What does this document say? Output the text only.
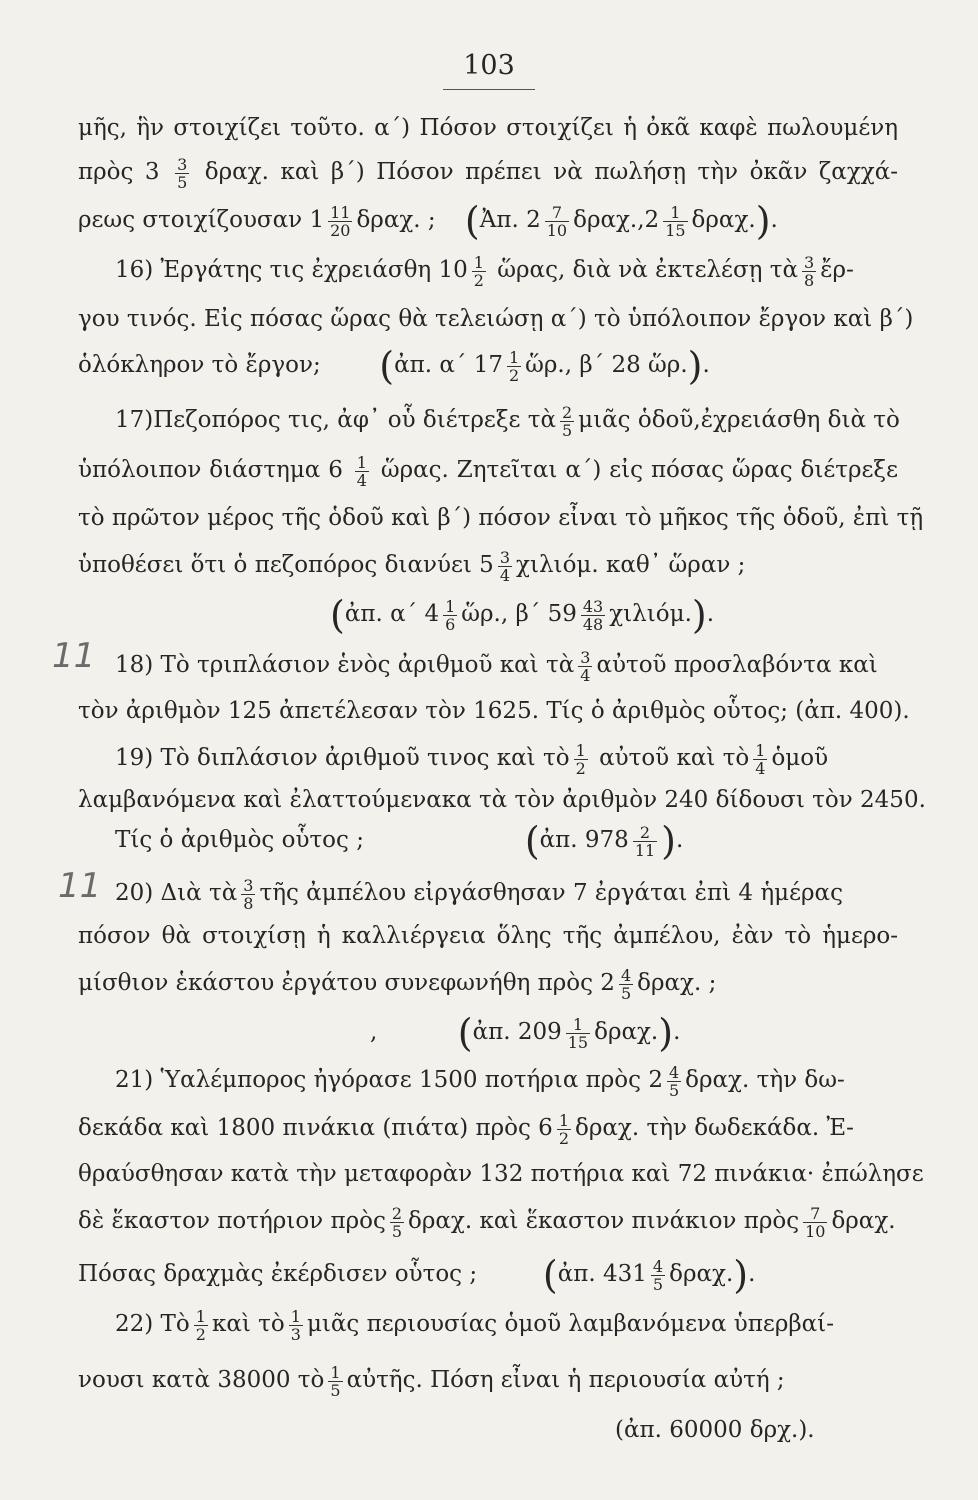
103
11
11
μῆς, ἣν στοιχίζει τοῦτο. α΄) Πόσον στοιχίζει ἡ ὀκᾶ καφὲ πωλουμένη
πρὸς $3 \frac{3}{5} \delta\rho\alpha\chi$. καὶ β΄) Πόσον πρέπει νὰ πωλήσῃ τὴν ὀκᾶν ζαχχά-
ρεως στοιχίζουσαν $1 \frac{11}{20} \delta\rho\alpha\chi$. ; (Ἀπ. $2 \frac{7}{10} \delta\rho\alpha\chi.,2 \frac{1}{15} \delta\rho\alpha\chi$.).
16) Ἐργάτης τις ἐχρειάσθη $10 \frac{1}{2}$ ὥρας, διὰ νὰ ἐκτελέσῃ τὰ $\frac{3}{8}$ ἔρ-
γου τινός. Εἰς πόσας ὥρας θὰ τελειώσῃ α΄) τὸ ὑπόλοιπον ἔργον καὶ β΄)
ὁλόκληρον τὸ ἔργον; (ἀπ. α΄ $17 \frac{1}{2}$ ὥρ., β΄ 28 ὥρ.).
17)Πεζοπόρος τις, ἀφ᾽ οὗ διέτρεξε τὰ $\frac{2}{5}$ μιᾶς ὁδοῦ,ἐχρειάσθη διὰ τὸ
ὑπόλοιπον διάστημα $6 \frac{1}{4}$ ὥρας. Ζητεῖται α΄) εἰς πόσας ὥρας διέτρεξε
τὸ πρῶτον μέρος τῆς ὁδοῦ καὶ β΄) πόσον εἶναι τὸ μῆκος τῆς ὁδοῦ, ἐπὶ τῇ
ὑποθέσει ὅτι ὁ πεζοπόρος διανύει $5 \frac{3}{4} \chi\iota\lambda\iota ό\mu$. καθ᾽ ὥραν ;
(ἀπ. α΄ $4 \frac{1}{6}$ ὥρ., β΄ $59 \frac{43}{48} \chi\iota\lambda\iota ό\mu$.).
18) Τὸ τριπλάσιον ἑνὸς ἀριθμοῦ καὶ τὰ $\frac{3}{4}$ αὐτοῦ προσλαβόντα καὶ
τὸν ἀριθμὸν 125 ἀπετέλεσαν τὸν 1625. Τίς ὁ ἀριθμὸς οὗτος; (ἀπ. 400).
19) Τὸ διπλάσιον ἀριθμοῦ τινος καὶ τὸ $\frac{1}{2}$ αὐτοῦ καὶ τὸ $\frac{1}{4}$ ὁμοῦ
λαμβανόμενα καὶ ἐλαττούμενακα τὰ τὸν ἀριθμὸν 240 δίδουσι τὸν 2450.
Τίς ὁ ἀριθμὸς οὗτος ;	(ἀπ. $978 \frac{2}{11}$ ).
20) Διὰ τὰ $\frac{3}{8}$ τῆς ἀμπέλου εἰργάσθησαν 7 ἐργάται ἐπὶ 4 ἡμέρας
πόσον θὰ στοιχίσῃ ἡ καλλιέργεια ὅλης τῆς ἀμπέλου, ἐὰν τὸ ἡμερο-
μίσθιον ἑκάστου ἐργάτου συνεφωνήθη πρὸς $2 \frac{4}{5} \delta\rho\alpha\chi$. ;
, (ἀπ. $209 \frac{1}{15} \delta\rho\alpha\chi$.).
21) Ὑαλέμπορος ἠγόρασε 1500 ποτήρια πρὸς $2 \frac{4}{5} \delta\rho\alpha\chi$. τὴν δω-
δεκάδα καὶ 1800 πινάκια (πιάτα) πρὸς $6 \frac{1}{2} \delta\rho\alpha\chi$. τὴν δωδεκάδα. Ἐ-
θραύσθησαν κατὰ τὴν μεταφορὰν 132 ποτήρια καὶ 72 πινάκια· ἐπώλησε
δὲ ἕκαστον ποτήριον πρὸς $\frac{2}{5} \delta\rho\alpha\chi$. καὶ ἕκαστον πινάκιον πρὸς $\frac{7}{10} \delta\rho\alpha\chi$.
Πόσας δραχμὰς ἐκέρδισεν οὗτος ; (ἀπ. $431 \frac{4}{5} \delta\rho\alpha\chi$.).
22) Τὸ $\frac{1}{2}$ καὶ τὸ $\frac{1}{3}$ μιᾶς περιουσίας ὁμοῦ λαμβανόμενα ὑπερβαί-
νουσι κατὰ 38000 τὸ $\frac{1}{5}$ αὐτῆς. Πόση εἶναι ἡ περιουσία αὐτή ;
(ἀπ. 60000 δρχ.).
